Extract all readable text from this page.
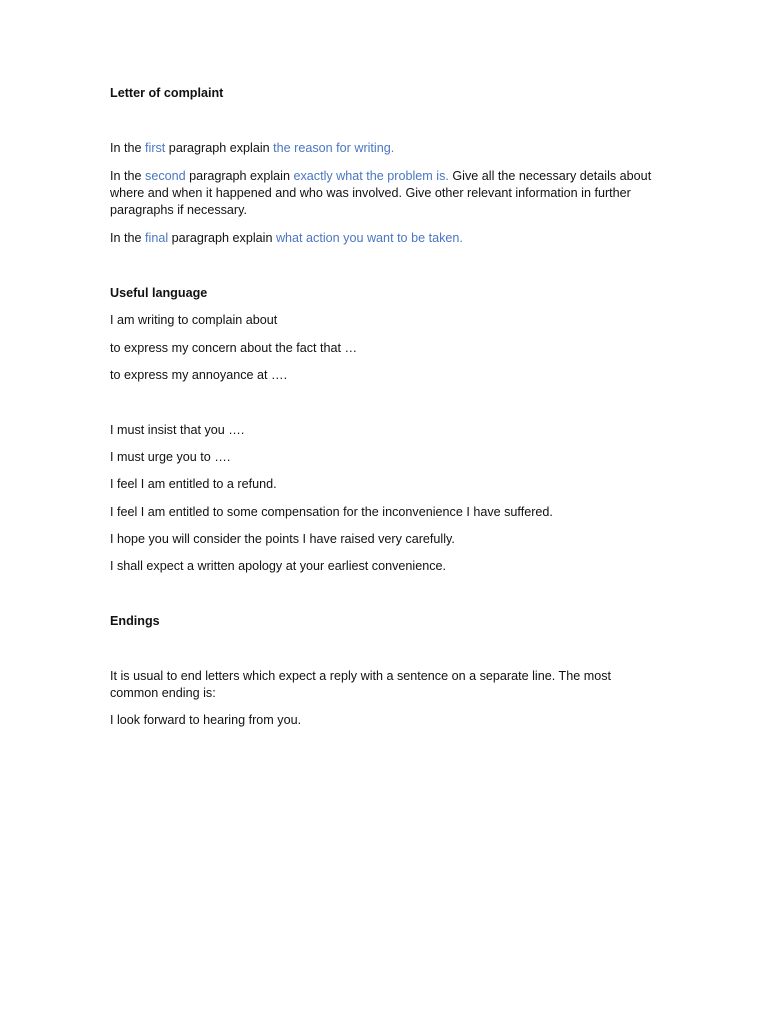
Letter of complaint
In the first paragraph explain the reason for writing.
In the second paragraph explain exactly what the problem is. Give all the necessary details about where and when it happened and who was involved. Give other relevant information in further paragraphs if necessary.
In the final paragraph explain what action you want to be taken.
Useful language
I am writing to complain about
to express my concern about the fact that …
to express my annoyance at ….
I must insist that you ….
I must urge you to ….
I feel I am entitled to a refund.
I feel I am entitled to some compensation for the inconvenience I have suffered.
I hope you will consider the points I have raised very carefully.
I shall expect a written apology at your earliest convenience.
Endings
It is usual to end letters which expect a reply with a sentence on a separate line. The most common ending is:
I look forward to hearing from you.
